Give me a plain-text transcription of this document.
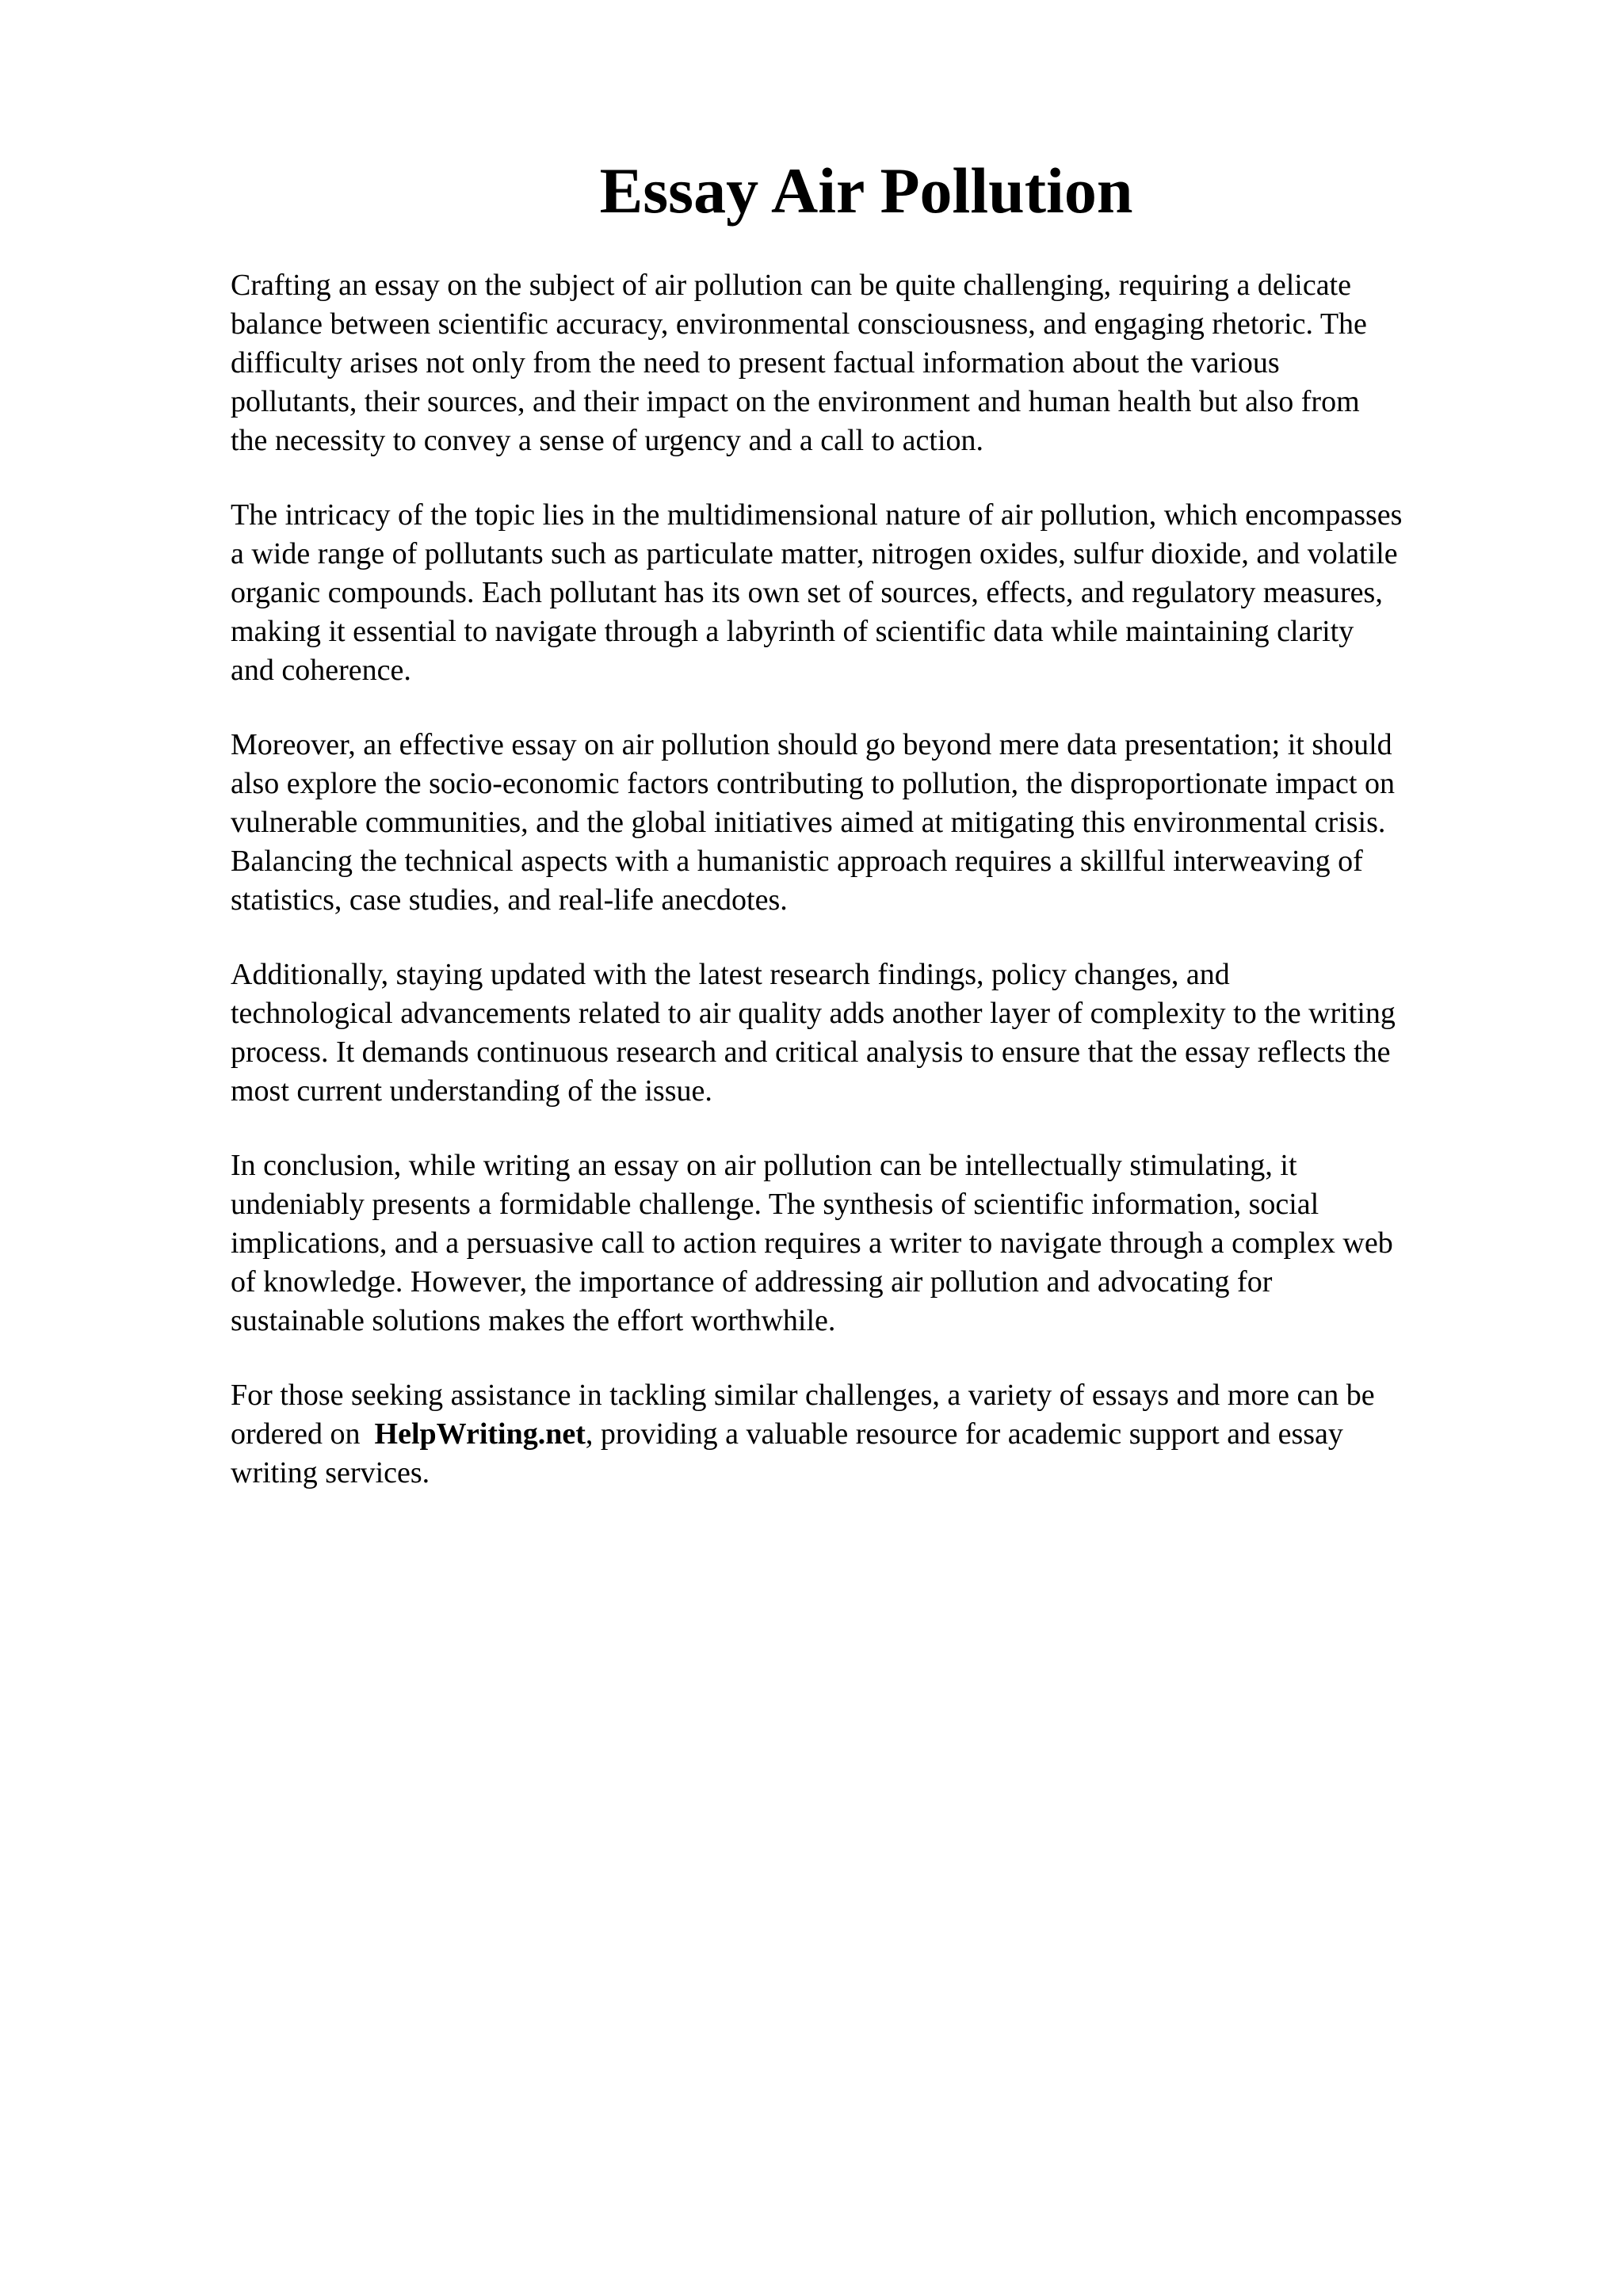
Essay Air Pollution

Crafting an essay on the subject of air pollution can be quite challenging, requiring a delicate
balance between scientific accuracy, environmental consciousness, and engaging rhetoric. The
difficulty arises not only from the need to present factual information about the various
pollutants, their sources, and their impact on the environment and human health but also from
the necessity to convey a sense of urgency and a call to action.

The intricacy of the topic lies in the multidimensional nature of air pollution, which encompasses
a wide range of pollutants such as particulate matter, nitrogen oxides, sulfur dioxide, and volatile
organic compounds. Each pollutant has its own set of sources, effects, and regulatory measures,
making it essential to navigate through a labyrinth of scientific data while maintaining clarity
and coherence.

Moreover, an effective essay on air pollution should go beyond mere data presentation; it should
also explore the socio-economic factors contributing to pollution, the disproportionate impact on
vulnerable communities, and the global initiatives aimed at mitigating this environmental crisis.
Balancing the technical aspects with a humanistic approach requires a skillful interweaving of
statistics, case studies, and real-life anecdotes.

Additionally, staying updated with the latest research findings, policy changes, and
technological advancements related to air quality adds another layer of complexity to the writing
process. It demands continuous research and critical analysis to ensure that the essay reflects the
most current understanding of the issue.

In conclusion, while writing an essay on air pollution can be intellectually stimulating, it
undeniably presents a formidable challenge. The synthesis of scientific information, social
implications, and a persuasive call to action requires a writer to navigate through a complex web
of knowledge. However, the importance of addressing air pollution and advocating for
sustainable solutions makes the effort worthwhile.

For those seeking assistance in tackling similar challenges, a variety of essays and more can be
ordered on HelpWriting.net, providing a valuable resource for academic support and essay
writing services.
